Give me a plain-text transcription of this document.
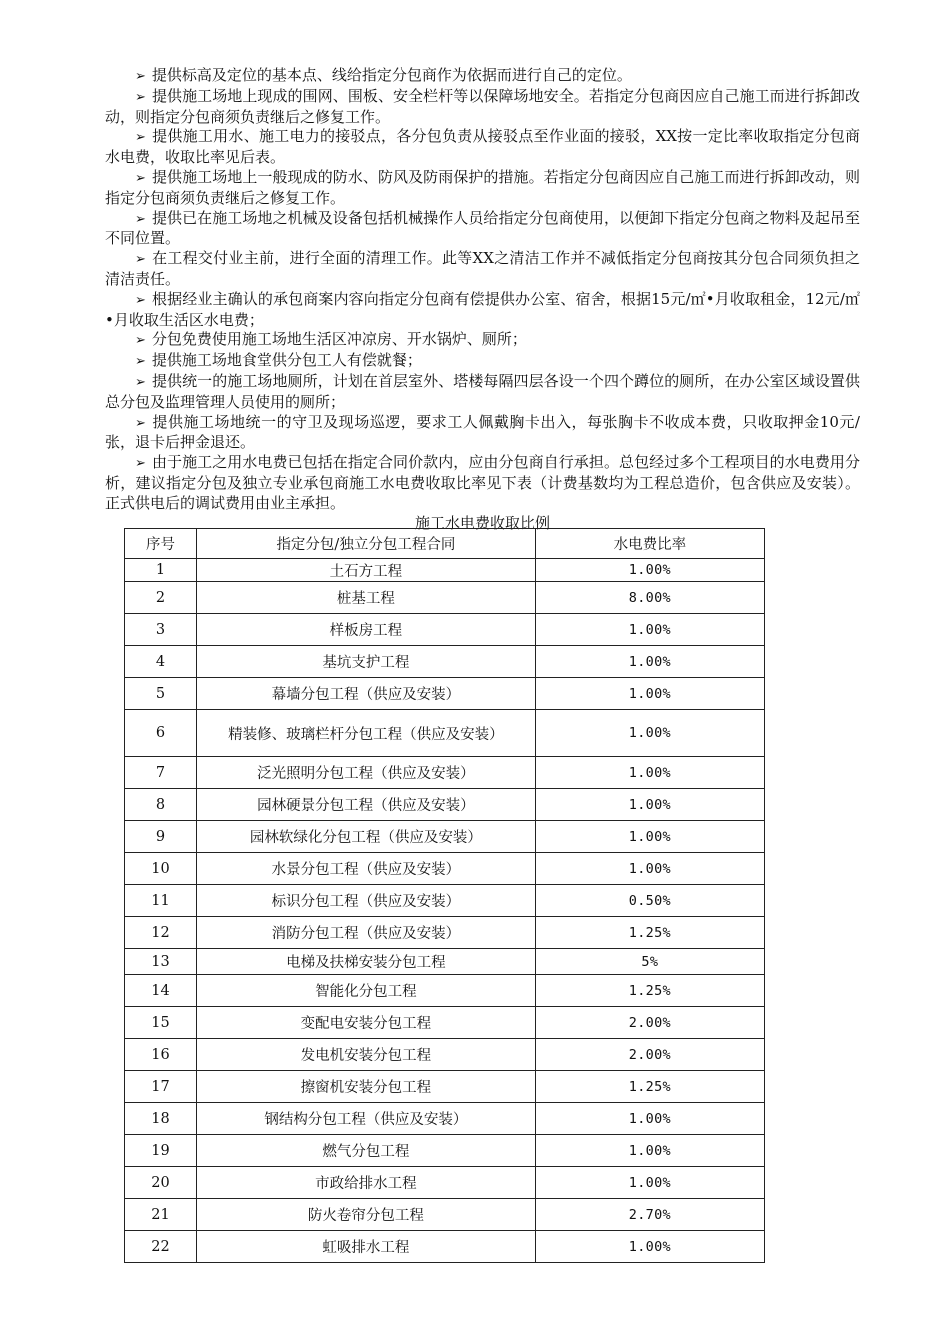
➢ 提供标高及定位的基本点、线给指定分包商作为依据而进行自己的定位。

➢ 提供施工场地上现成的围网、围板、安全栏杆等以保障场地安全。若指定分包商因应自己施工而进行拆卸改动，则指定分包商须负责继后之修复工作。

➢ 提供施工用水、施工电力的接驳点，各分包负责从接驳点至作业面的接驳，XX按一定比率收取指定分包商水电费，收取比率见后表。

➢ 提供施工场地上一般现成的防水、防风及防雨保护的措施。若指定分包商因应自己施工而进行拆卸改动，则指定分包商须负责继后之修复工作。

➢ 提供已在施工场地之机械及设备包括机械操作人员给指定分包商使用，以便卸下指定分包商之物料及起吊至不同位置。

➢ 在工程交付业主前，进行全面的清理工作。此等XX之清洁工作并不减低指定分包商按其分包合同须负担之清洁责任。

➢ 根据经业主确认的承包商案内容向指定分包商有偿提供办公室、宿舍，根据15元/㎡•月收取租金，12元/㎡•月收取生活区水电费；

➢ 分包免费使用施工场地生活区冲凉房、开水锅炉、厕所；

➢ 提供施工场地食堂供分包工人有偿就餐；

➢ 提供统一的施工场地厕所，计划在首层室外、塔楼每隔四层各设一个四个蹲位的厕所，在办公室区域设置供总分包及监理管理人员使用的厕所；

➢ 提供施工场地统一的守卫及现场巡逻，要求工人佩戴胸卡出入，每张胸卡不收成本费，只收取押金10元/张，退卡后押金退还。

➢ 由于施工之用水电费已包括在指定合同价款内，应由分包商自行承担。总包经过多个工程项目的水电费用分析，建议指定分包及独立专业承包商施工水电费收取比率见下表（计费基数均为工程总造价，包含供应及安装）。正式供电后的调试费用由业主承担。

施工水电费收取比例
序号	指定分包/独立分包工程合同	水电费比率
1	土石方工程	1.00%
2	桩基工程	8.00%
3	样板房工程	1.00%
4	基坑支护工程	1.00%
5	幕墙分包工程（供应及安装）	1.00%
6	精装修、玻璃栏杆分包工程（供应及安装）	1.00%
7	泛光照明分包工程（供应及安装）	1.00%
8	园林硬景分包工程（供应及安装）	1.00%
9	园林软绿化分包工程（供应及安装）	1.00%
10	水景分包工程（供应及安装）	1.00%
11	标识分包工程（供应及安装）	0.50%
12	消防分包工程（供应及安装）	1.25%
13	电梯及扶梯安装分包工程	5%
14	智能化分包工程	1.25%
15	变配电安装分包工程	2.00%
16	发电机安装分包工程	2.00%
17	擦窗机安装分包工程	1.25%
18	钢结构分包工程（供应及安装）	1.00%
19	燃气分包工程	1.00%
20	市政给排水工程	1.00%
21	防火卷帘分包工程	2.70%
22	虹吸排水工程	1.00%
